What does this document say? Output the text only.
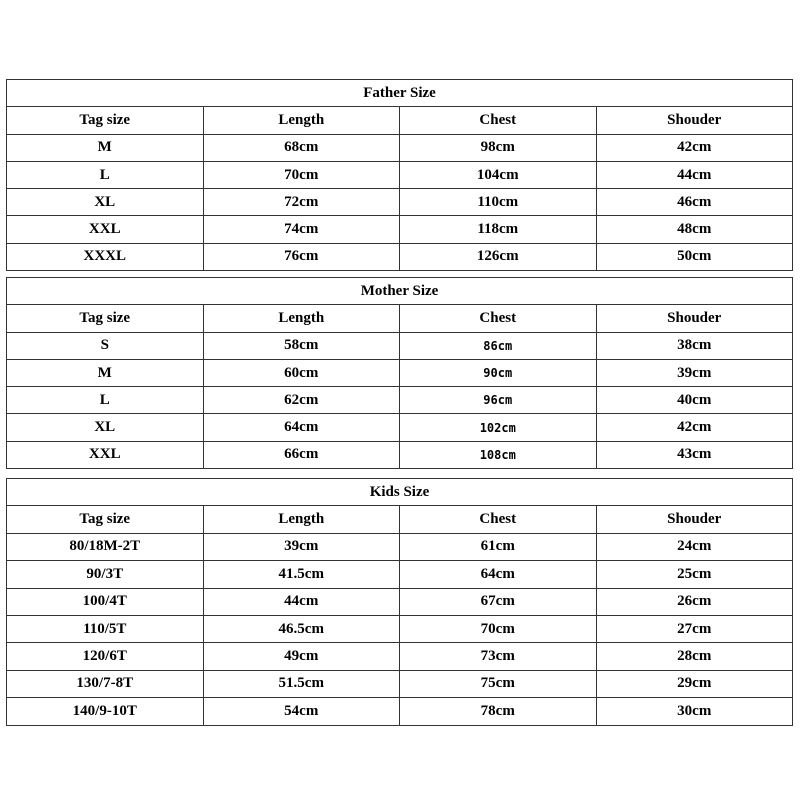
Father Size			
Tag size	Length	Chest	Shouder
M	68cm	98cm	42cm
L	70cm	104cm	44cm
XL	72cm	110cm	46cm
XXL	74cm	118cm	48cm
XXXL	76cm	126cm	50cm
Mother Size			
Tag size	Length	Chest	Shouder
S	58cm	86cm	38cm
M	60cm	90cm	39cm
L	62cm	96cm	40cm
XL	64cm	102cm	42cm
XXL	66cm	108cm	43cm
Kids Size			
Tag size	Length	Chest	Shouder
80/18M-2T	39cm	61cm	24cm
90/3T	41.5cm	64cm	25cm
100/4T	44cm	67cm	26cm
110/5T	46.5cm	70cm	27cm
120/6T	49cm	73cm	28cm
130/7-8T	51.5cm	75cm	29cm
140/9-10T	54cm	78cm	30cm
